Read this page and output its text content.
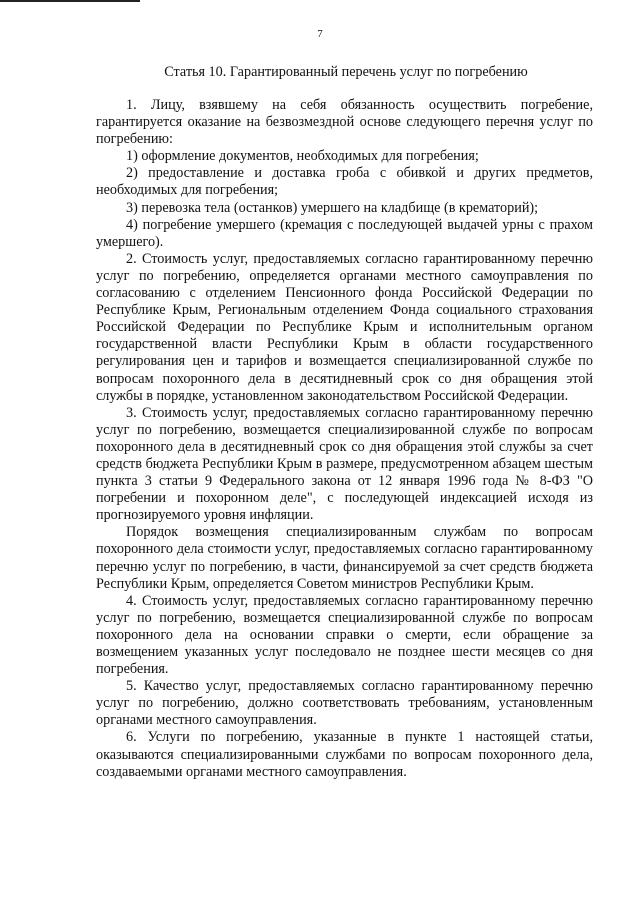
7
Статья 10. Гарантированный перечень услуг по погребению

1. Лицу, взявшему на себя обязанность осуществить погребение, гарантируется оказание на безвозмездной основе следующего перечня услуг по погребению:

1) оформление документов, необходимых для погребения;

2) предоставление и доставка гроба с обивкой и других предметов, необходимых для погребения;

3) перевозка тела (останков) умершего на кладбище (в крематорий);

4) погребение умершего (кремация с последующей выдачей урны с прахом умершего).

2. Стоимость услуг, предоставляемых согласно гарантированному перечню услуг по погребению, определяется органами местного самоуправления по согласованию с отделением Пенсионного фонда Российской Федерации по Республике Крым, Региональным отделением Фонда социального страхования Российской Федерации по Республике Крым и исполнительным органом государственной власти Республики Крым в области государственного регулирования цен и тарифов и возмещается специализированной службе по вопросам похоронного дела в десятидневный срок со дня обращения этой службы в порядке, установленном законодательством Российской Федерации.

3. Стоимость услуг, предоставляемых согласно гарантированному перечню услуг по погребению, возмещается специализированной службе по вопросам похоронного дела в десятидневный срок со дня обращения этой службы за счет средств бюджета Республики Крым в размере, предусмотренном абзацем шестым пункта 3 статьи 9 Федерального закона от 12 января 1996 года № 8-ФЗ "О погребении и похоронном деле", с последующей индексацией исходя из прогнозируемого уровня инфляции.

Порядок возмещения специализированным службам по вопросам похоронного дела стоимости услуг, предоставляемых согласно гарантированному перечню услуг по погребению, в части, финансируемой за счет средств бюджета Республики Крым, определяется Советом министров Республики Крым.

4. Стоимость услуг, предоставляемых согласно гарантированному перечню услуг по погребению, возмещается специализированной службе по вопросам похоронного дела на основании справки о смерти, если обращение за возмещением указанных услуг последовало не позднее шести месяцев со дня погребения.

5. Качество услуг, предоставляемых согласно гарантированному перечню услуг по погребению, должно соответствовать требованиям, установленным органами местного самоуправления.

6. Услуги по погребению, указанные в пункте 1 настоящей статьи, оказываются специализированными службами по вопросам похоронного дела, создаваемыми органами местного самоуправления.
